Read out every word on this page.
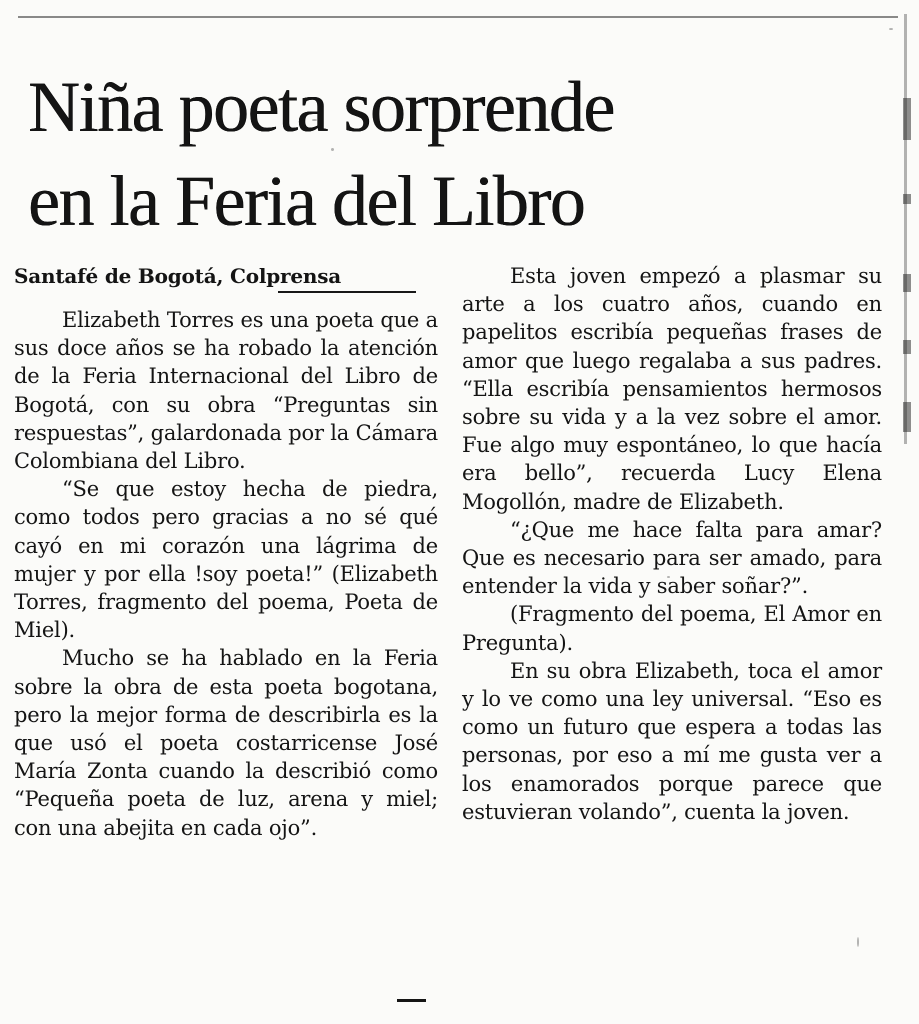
Niña poeta sorprende
en la Feria del Libro
Santafé de Bogotá, Colprensa

Elizabeth Torres es una poeta que a sus doce años se ha robado la atención de la Feria Internacional del Libro de Bogotá, con su obra “Preguntas sin respuestas”, galardonada por la Cámara Colombiana del Libro.

“Se que estoy hecha de piedra, como todos pero gracias a no sé qué cayó en mi corazón una lágrima de mujer y por ella !soy poeta!” (Elizabeth Torres, fragmento del poema, Poeta de Miel).

Mucho se ha hablado en la Feria sobre la obra de esta poeta bogotana, pero la mejor forma de describirla es la que usó el poeta costarricense José María Zonta cuando la describió como “Pequeña poeta de luz, arena y miel; con una abejita en cada ojo”.

Esta joven empezó a plasmar su arte a los cuatro años, cuando en papelitos escribía pequeñas frases de amor que luego regalaba a sus padres. “Ella escribía pensamientos hermosos sobre su vida y a la vez sobre el amor. Fue algo muy espontáneo, lo que hacía era bello”, recuerda Lucy Elena Mogollón, madre de Elizabeth.

“¿Que me hace falta para amar? Que es necesario para ser amado, para entender la vida y saber soñar?”.

(Fragmento del poema, El Amor en Pregunta).

En su obra Elizabeth, toca el amor y lo ve como una ley universal. “Eso es como un futuro que espera a todas las personas, por eso a mí me gusta ver a los enamorados porque parece que estuvieran volando”, cuenta la joven.
